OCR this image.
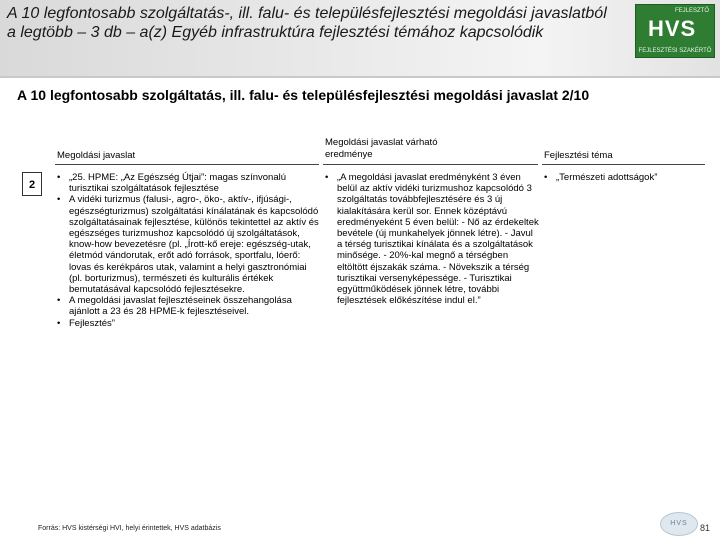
A 10 legfontosabb szolgáltatás-, ill. falu- és településfejlesztési megoldási javaslatból a legtöbb – 3 db – a(z) Egyéb infrastruktúra fejlesztési témához kapcsolódik
FEJLESZTŐ
HVS
FEJLESZTÉSI SZAKÉRTŐ
A 10 legfontosabb szolgáltatás, ill. falu- és településfejlesztési megoldási javaslat 2/10
Megoldási javaslat
Megoldási javaslat várható eredménye	Fejlesztési téma
2
• „25. HPME: „Az Egészség Útjai”: magas színvonalú turisztikai szolgáltatások fejlesztése
• A vidéki turizmus (falusi-, agro-, öko-, aktív-, ifjúsági-, egészségturizmus) szolgáltatási kínálatának és kapcsolódó szolgáltatásainak fejlesztése, különös tekintettel az aktív és egészséges turizmushoz kapcsolódó új szolgáltatások, know-how bevezetésre (pl. „Írott-kő ereje: egészség-utak, életmód vándorutak, erőt adó források, sportfalu, lóerő: lovas és kerékpáros utak, valamint a helyi gasztronómiai (pl. borturizmus), természeti és kulturális értékek bemutatásával kapcsolódó fejlesztésekre.
• A megoldási javaslat fejlesztéseinek összehangolása ajánlott a 23 és 28 HPME-k fejlesztéseivel.
• Fejlesztés”
• „A megoldási javaslat eredményként 3 éven belül az aktív vidéki turizmushoz kapcsolódó 3 szolgáltatás továbbfejlesztésére és 3 új kialakítására kerül sor. Ennek középtávú eredményeként 5 éven belül: - Nő az érdekeltek bevétele (új munkahelyek jönnek létre). - Javul a térség turisztikai kínálata és a szolgáltatások minősége. - 20%-kal megnő a térségben eltöltött éjszakák száma. - Növekszik a térség turisztikai versenyképessége. - Turisztikai együttműködések jönnek létre, további fejlesztések előkészítése indul el.”
• „Természeti adottságok”
Forrás: HVS kistérségi HVI, helyi érintettek, HVS adatbázis
HVS	81
